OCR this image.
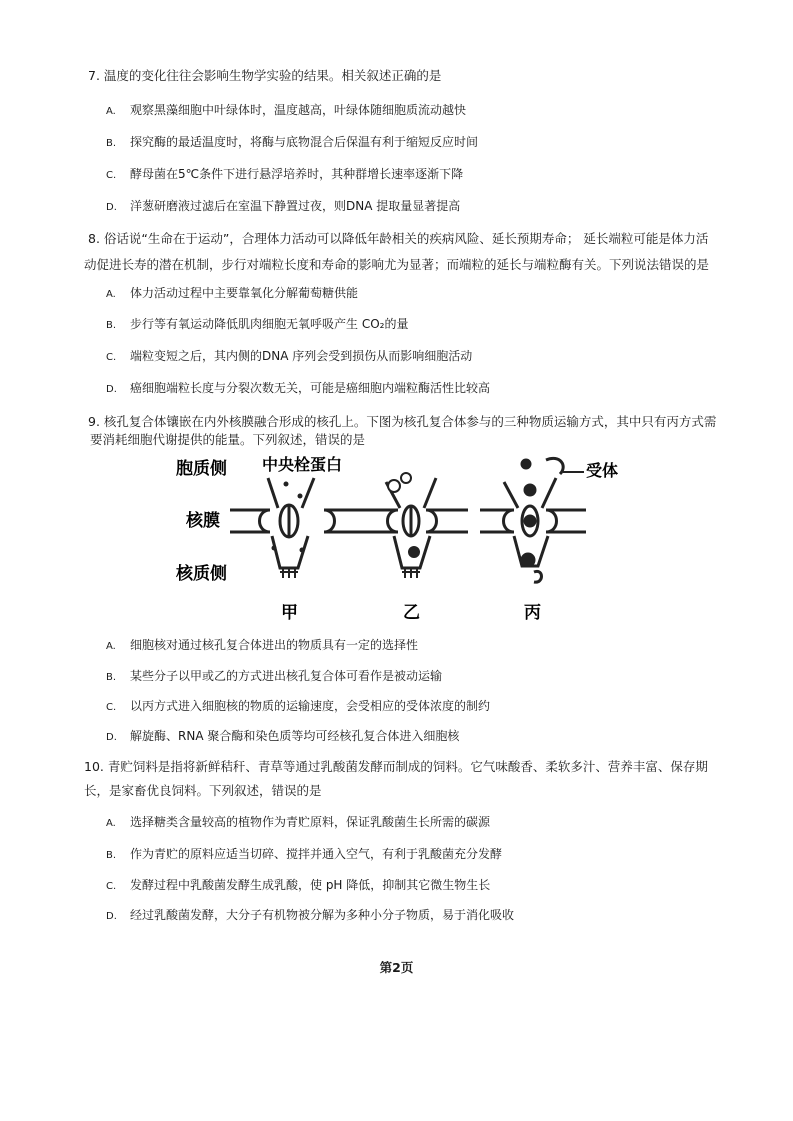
7. 温度的变化往往会影响生物学实验的结果。相关叙述正确的是

A. 观察黑藻细胞中叶绿体时，温度越高，叶绿体随细胞质流动越快
B. 探究酶的最适温度时，将酶与底物混合后保温有利于缩短反应时间
C. 酵母菌在5℃条件下进行悬浮培养时，其种群增长速率逐渐下降
D. 洋葱研磨液过滤后在室温下静置过夜，则DNA 提取量显著提高
8. 俗话说“生命在于运动”，合理体力活动可以降低年龄相关的疾病风险、延长预期寿命； 延长端粒可能是体力活
动促进长寿的潜在机制，步行对端粒长度和寿命的影响尤为显著；而端粒的延长与端粒酶有关。下列说法错误的是
A. 体力活动过程中主要靠氧化分解葡萄糖供能
B. 步行等有氧运动降低肌肉细胞无氧呼吸产生 CO₂的量
C. 端粒变短之后，其内侧的DNA 序列会受到损伤从而影响细胞活动
D. 癌细胞端粒长度与分裂次数无关，可能是癌细胞内端粒酶活性比较高
9. 核孔复合体镶嵌在内外核膜融合形成的核孔上。下图为核孔复合体参与的三种物质运输方式，其中只有丙方式需
要消耗细胞代谢提供的能量。下列叙述，错误的是
胞质侧
核膜
核质侧
中央栓蛋白	受体
甲	乙	丙
A. 细胞核对通过核孔复合体进出的物质具有一定的选择性
B. 某些分子以甲或乙的方式进出核孔复合体可看作是被动运输
C. 以丙方式进入细胞核的物质的运输速度，会受相应的受体浓度的制约
D. 解旋酶、RNA 聚合酶和染色质等均可经核孔复合体进入细胞核
10. 青贮饲料是指将新鲜秸秆、青草等通过乳酸菌发酵而制成的饲料。它气味酸香、柔软多汁、营养丰富、保存期
长，是家畜优良饲料。下列叙述，错误的是
A. 选择糖类含量较高的植物作为青贮原料，保证乳酸菌生长所需的碳源
B. 作为青贮的原料应适当切碎、搅拌并通入空气，有利于乳酸菌充分发酵
C. 发酵过程中乳酸菌发酵生成乳酸，使 pH 降低，抑制其它微生物生长
D. 经过乳酸菌发酵，大分子有机物被分解为多种小分子物质，易于消化吸收
第2页
